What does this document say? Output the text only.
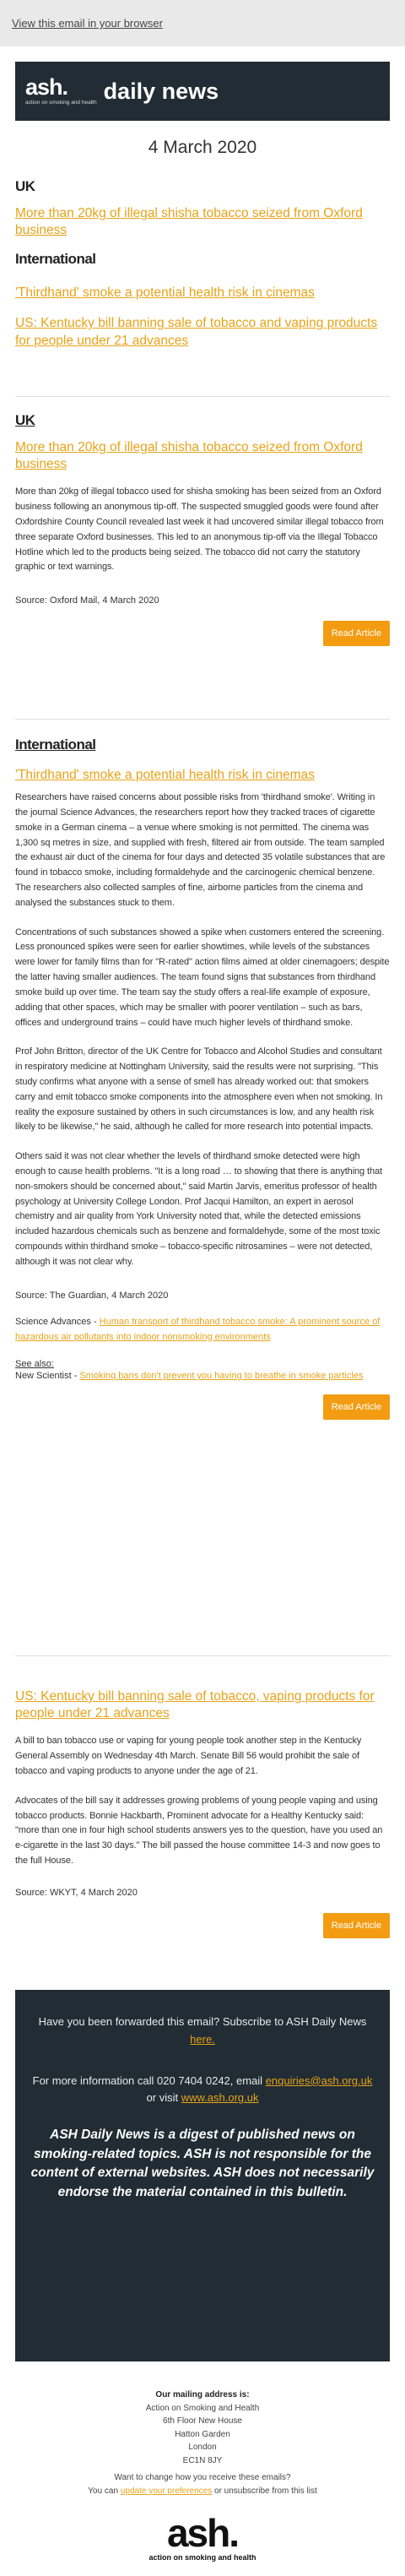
View this email in your browser
ash.
action on smoking and health daily news
4 March 2020
UK
More than 20kg of illegal shisha tobacco seized from Oxford business
International
'Thirdhand' smoke a potential health risk in cinemas
US: Kentucky bill banning sale of tobacco and vaping products for people under 21 advances
UK
More than 20kg of illegal shisha tobacco seized from Oxford business

More than 20kg of illegal tobacco used for shisha smoking has been seized from an Oxford business following an anonymous tip-off. The suspected smuggled goods were found after Oxfordshire County Council revealed last week it had uncovered similar illegal tobacco from three separate Oxford businesses. This led to an anonymous tip-off via the Illegal Tobacco Hotline which led to the products being seized. The tobacco did not carry the statutory graphic or text warnings.

Source: Oxford Mail, 4 March 2020
Read Article
International
'Thirdhand' smoke a potential health risk in cinemas

Researchers have raised concerns about possible risks from 'thirdhand smoke'. Writing in the journal Science Advances, the researchers report how they tracked traces of cigarette smoke in a German cinema – a venue where smoking is not permitted. The cinema was 1,300 sq metres in size, and supplied with fresh, filtered air from outside. The team sampled the exhaust air duct of the cinema for four days and detected 35 volatile substances that are found in tobacco smoke, including formaldehyde and the carcinogenic chemical benzene. The researchers also collected samples of fine, airborne particles from the cinema and analysed the substances stuck to them.

Concentrations of such substances showed a spike when customers entered the screening. Less pronounced spikes were seen for earlier showtimes, while levels of the substances were lower for family films than for "R-rated" action films aimed at older cinemagoers; despite the latter having smaller audiences. The team found signs that substances from thirdhand smoke build up over time. The team say the study offers a real-life example of exposure, adding that other spaces, which may be smaller with poorer ventilation – such as bars, offices and underground trains – could have much higher levels of thirdhand smoke.

Prof John Britton, director of the UK Centre for Tobacco and Alcohol Studies and consultant in respiratory medicine at Nottingham University, said the results were not surprising. "This study confirms what anyone with a sense of smell has already worked out: that smokers carry and emit tobacco smoke components into the atmosphere even when not smoking. In reality the exposure sustained by others in such circumstances is low, and any health risk likely to be likewise," he said, although he called for more research into potential impacts.

Others said it was not clear whether the levels of thirdhand smoke detected were high enough to cause health problems. "It is a long road … to showing that there is anything that non-smokers should be concerned about," said Martin Jarvis, emeritus professor of health psychology at University College London. Prof Jacqui Hamilton, an expert in aerosol chemistry and air quality from York University noted that, while the detected emissions included hazardous chemicals such as benzene and formaldehyde, some of the most toxic compounds within thirdhand smoke – tobacco-specific nitrosamines – were not detected, although it was not clear why.

Source: The Guardian, 4 March 2020
Science Advances - Human transport of thirdhand tobacco smoke: A prominent source of hazardous air pollutants into indoor nonsmoking environments
See also:
New Scientist - Smoking bans don't prevent you having to breathe in smoke particles
Read Article
US: Kentucky bill banning sale of tobacco, vaping products for people under 21 advances

A bill to ban tobacco use or vaping for young people took another step in the Kentucky General Assembly on Wednesday 4th March. Senate Bill 56 would prohibit the sale of tobacco and vaping products to anyone under the age of 21.

Advocates of the bill say it addresses growing problems of young people vaping and using tobacco products. Bonnie Hackbarth, Prominent advocate for a Healthy Kentucky said: "more than one in four high school students answers yes to the question, have you used an e-cigarette in the last 30 days." The bill passed the house committee 14-3 and now goes to the full House.

Source: WKYT, 4 March 2020
Read Article
Have you been forwarded this email? Subscribe to ASH Daily News here.
For more information call 020 7404 0242, email enquiries@ash.org.uk or visit www.ash.org.uk
ASH Daily News is a digest of published news on smoking-related topics. ASH is not responsible for the content of external websites. ASH does not necessarily endorse the material contained in this bulletin.
Our mailing address is:
Action on Smoking and Health
6th Floor New House
Hatton Garden
London
EC1N 8JY
Want to change how you receive these emails?
You can update your preferences or unsubscribe from this list
ash.
action on smoking and health
